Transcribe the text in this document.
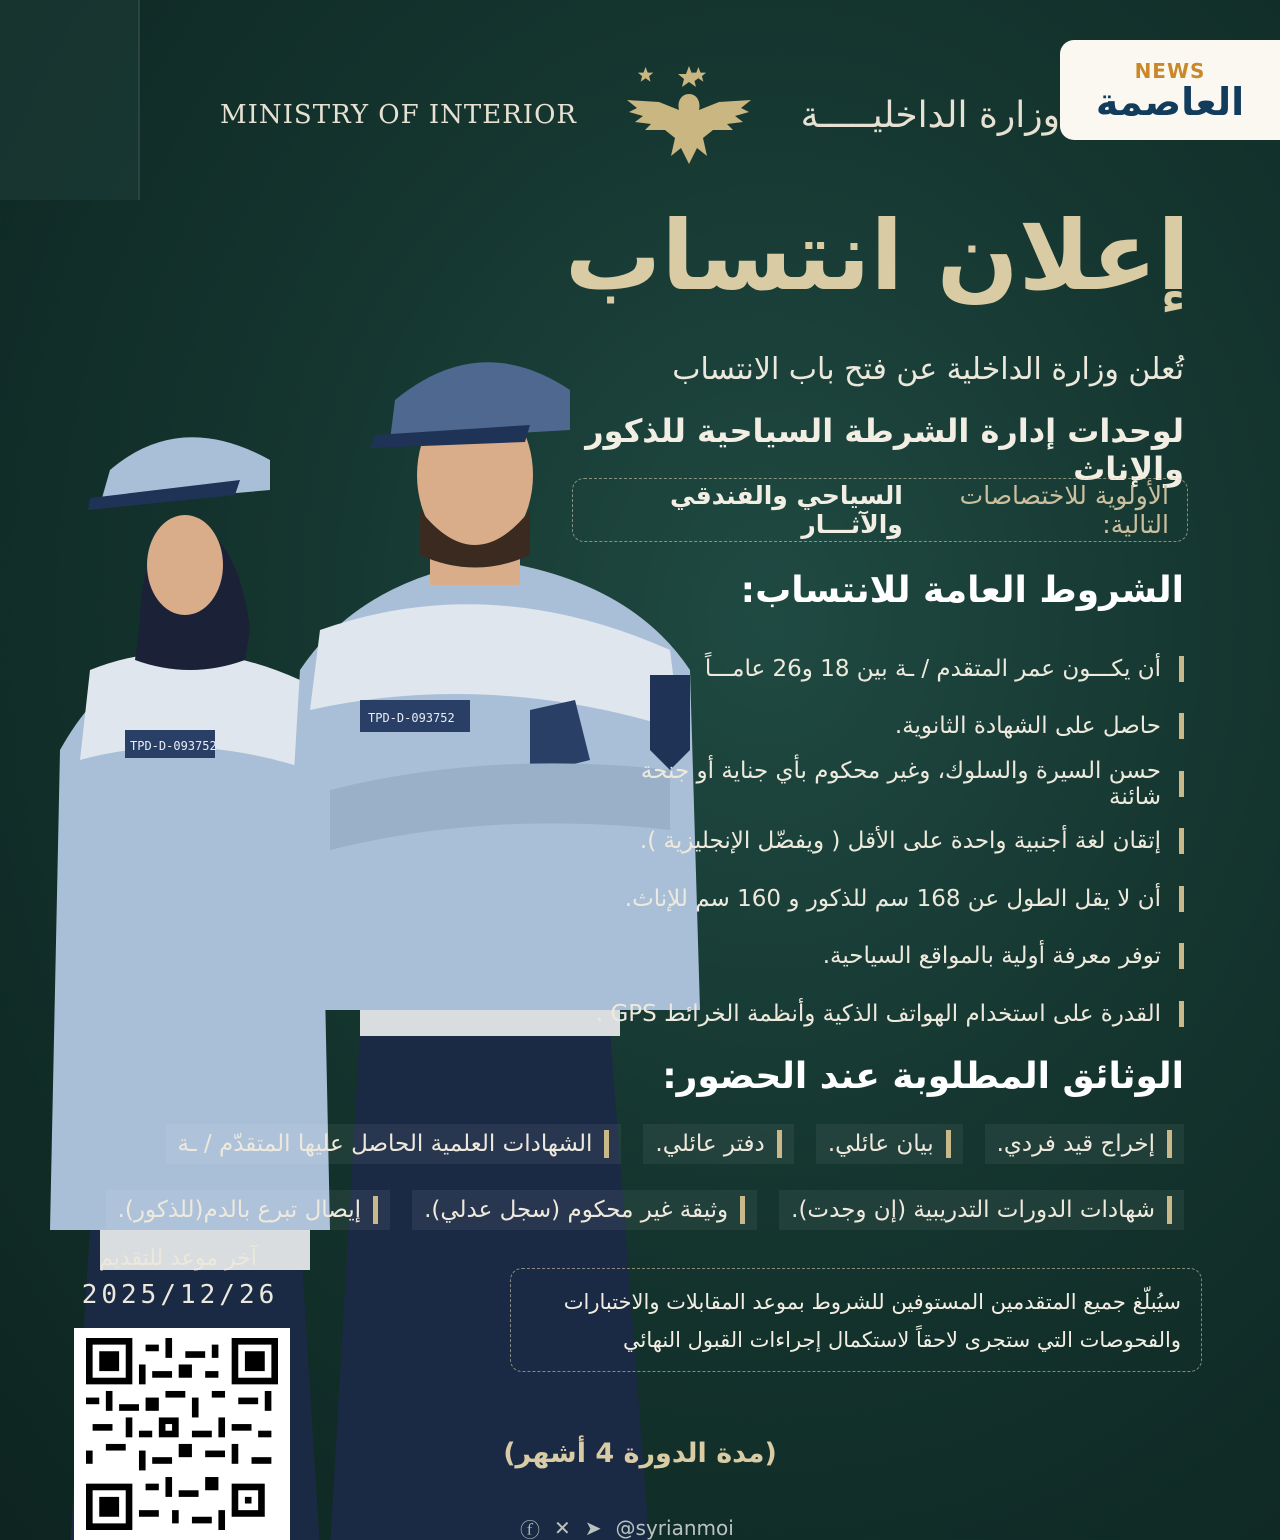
MINISTRY OF INTERIOR	وزارة الداخليـــــة
NEWS
العاصمة
TPD-D-093752
TPD-D-093752
إعلان انتساب
تُعلن وزارة الداخلية عن فتح باب الانتساب
لوحدات إدارة الشرطة السياحية للذكور والإناث
الأولوية للاختصاصات التالية:
السياحي والفندقي والآثـــار
الشروط العامة للانتساب:
أن يكـــون عمر المتقدم / ـة بين 18 و26 عامـــاً
حاصل على الشهادة الثانوية.
حسن السيرة والسلوك، وغير محكوم بأي جناية أو جنحة شائنة
إتقان لغة أجنبية واحدة على الأقل ( ويفضّل الإنجليزية ).
أن لا يقل الطول عن 168 سم للذكور و 160 سم للإناث.
توفر معرفة أولية بالمواقع السياحية.
القدرة على استخدام الهواتف الذكية وأنظمة الخرائط GPS .
الوثائق المطلوبة عند الحضور:
إخراج قيد فردي.
بيان عائلي.
دفتر عائلي.
الشهادات العلمية الحاصل عليها المتقدّم / ـة
شهادات الدورات التدريبية (إن وجدت).
وثيقة غير محكوم (سجل عدلي).
إيصال تبرع بالدم(للذكور).
آخر موعد للتقديم
2025/12/26	سيُبلّغ جميع المتقدمين المستوفين للشروط بموعد المقابلات والاختبارات
والفحوصات التي ستجرى لاحقاً لاستكمال إجراءات القبول النهائي
(مدة الدورة 4 أشهر)
ⓕ ✕ ➤ @syrianmoi
